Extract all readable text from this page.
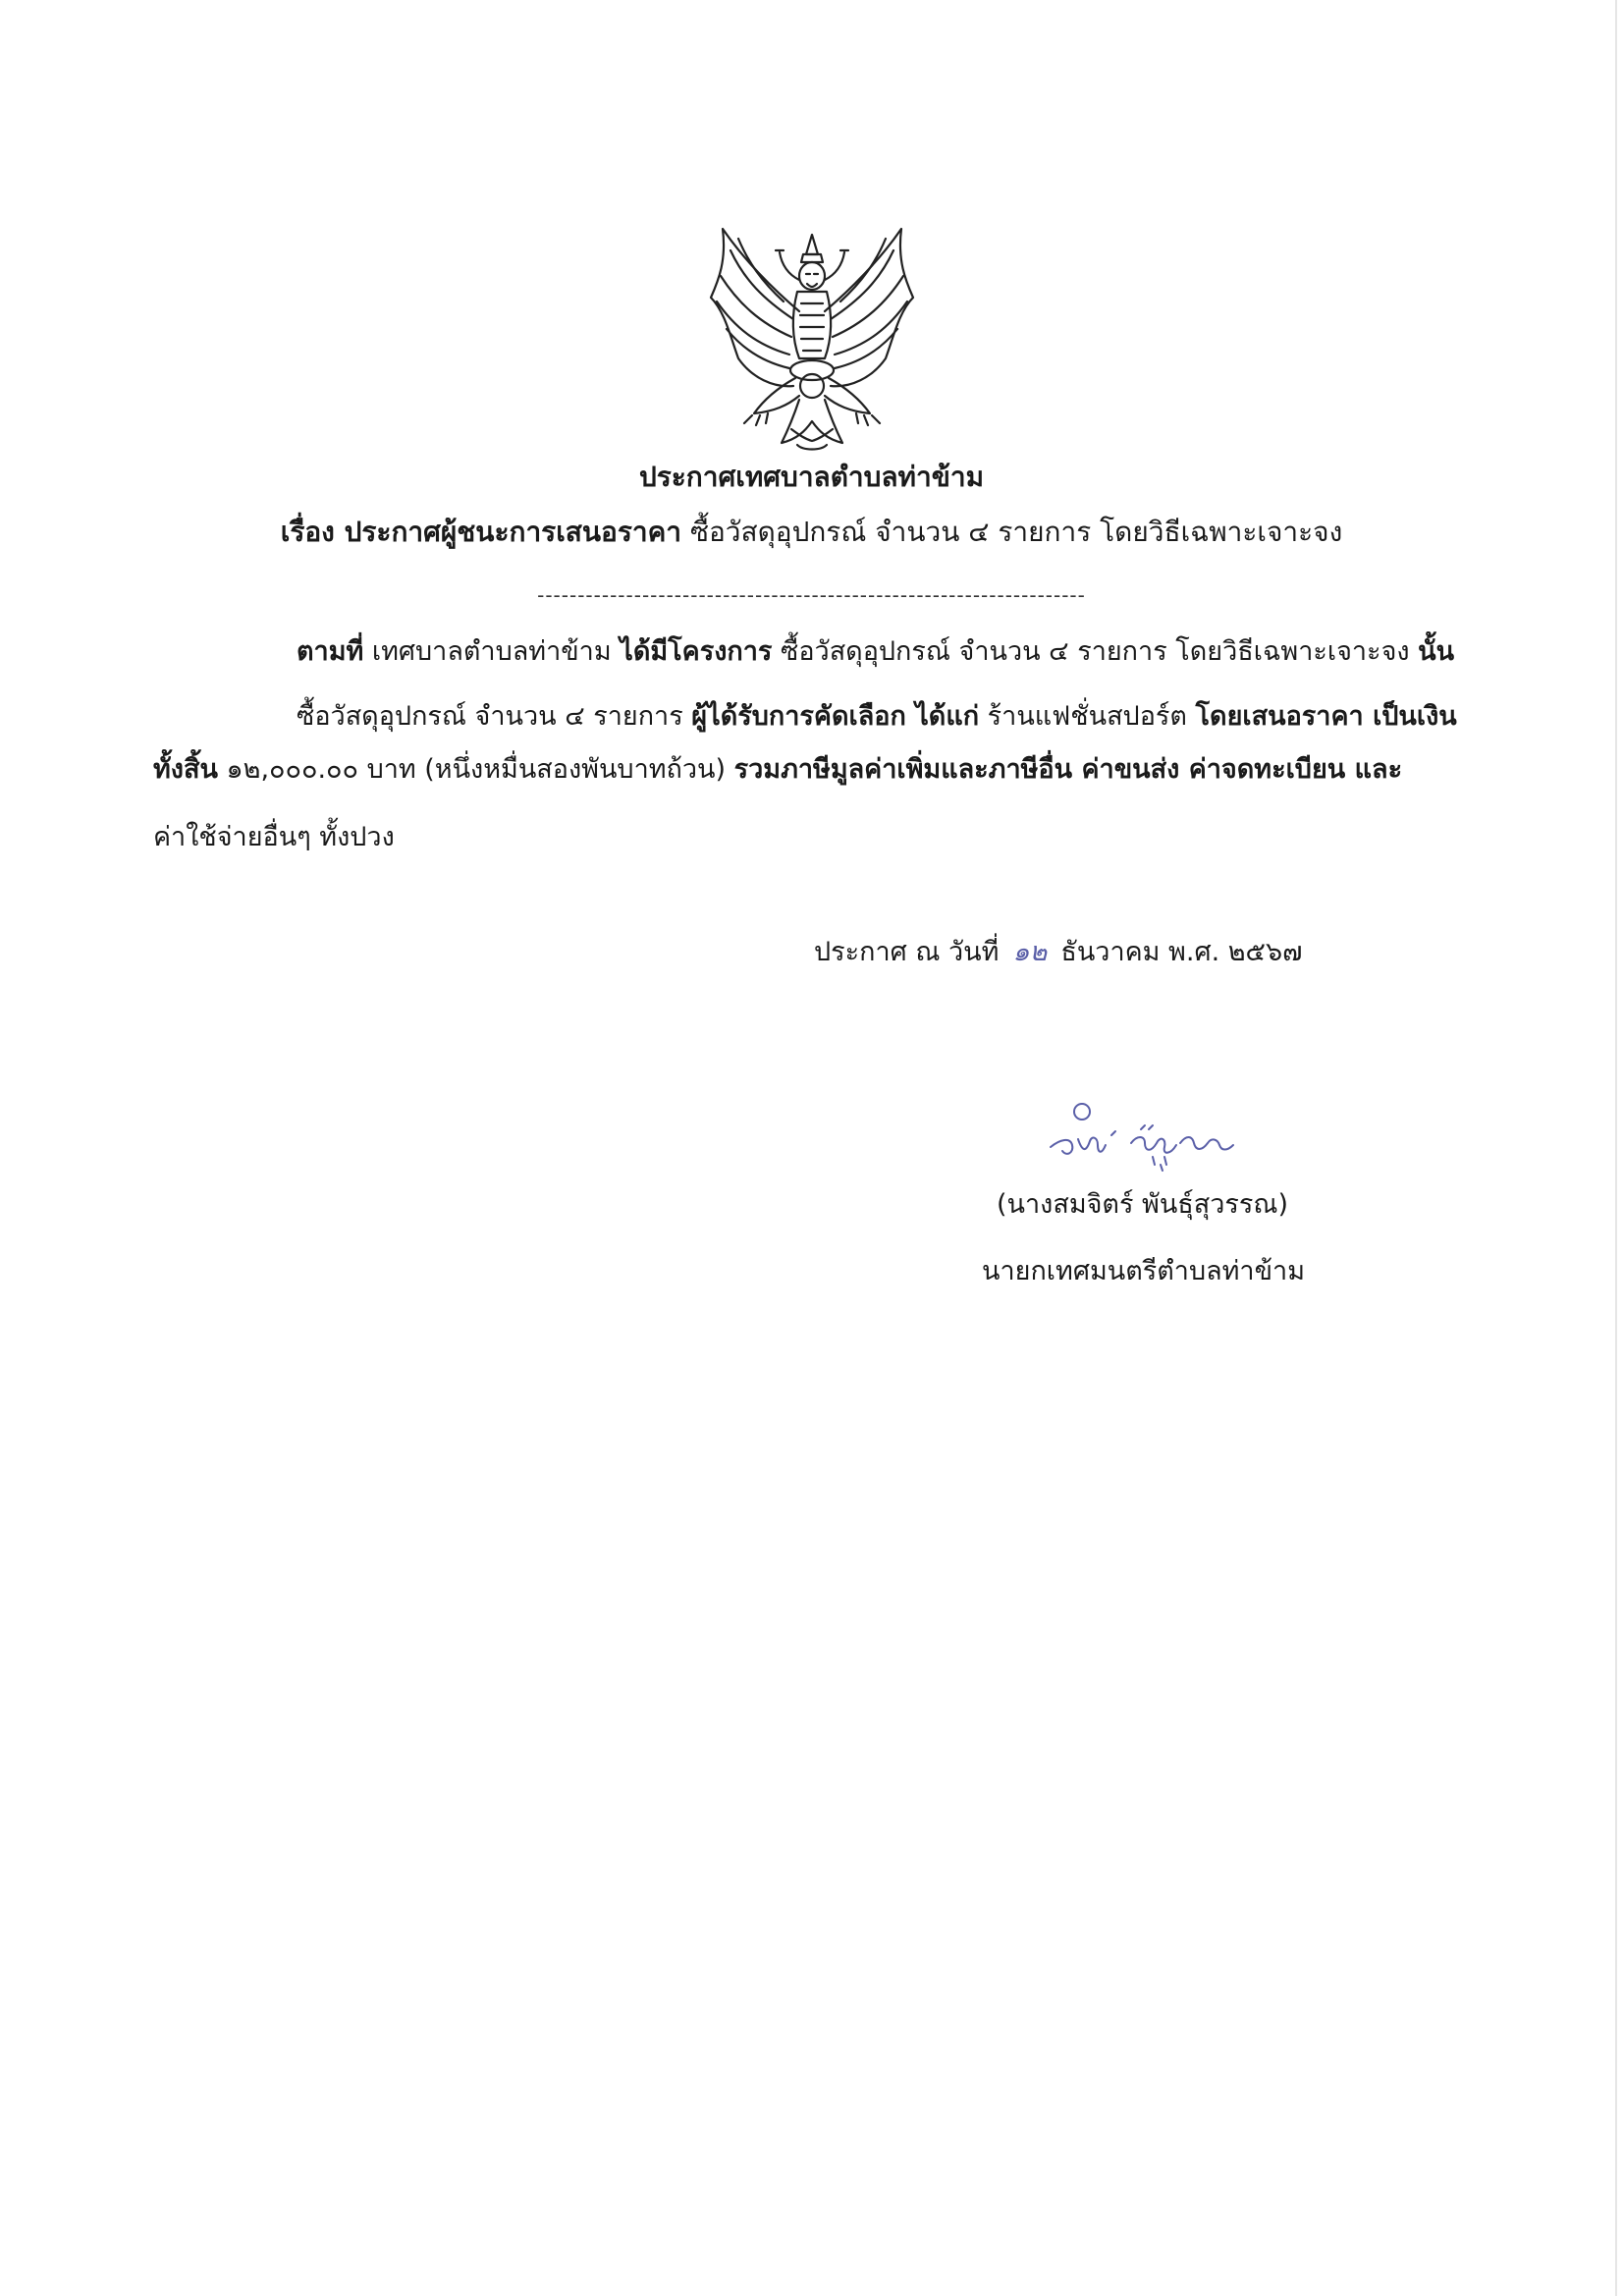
ประกาศเทศบาลตำบลท่าข้าม
เรื่อง ประกาศผู้ชนะการเสนอราคา ซื้อวัสดุอุปกรณ์ จำนวน ๔ รายการ โดยวิธีเฉพาะเจาะจง
--------------------------------------------------------------------
ตามที่ เทศบาลตำบลท่าข้าม ได้มีโครงการ ซื้อวัสดุอุปกรณ์ จำนวน ๔ รายการ โดยวิธีเฉพาะเจาะจง นั้น
ซื้อวัสดุอุปกรณ์ จำนวน ๔ รายการ ผู้ได้รับการคัดเลือก ได้แก่ ร้านแฟชั่นสปอร์ต โดยเสนอราคา เป็นเงิน
ทั้งสิ้น ๑๒,๐๐๐.๐๐ บาท (หนึ่งหมื่นสองพันบาทถ้วน) รวมภาษีมูลค่าเพิ่มและภาษีอื่น ค่าขนส่ง ค่าจดทะเบียน และ
ค่าใช้จ่ายอื่นๆ ทั้งปวง
ประกาศ ณ วันที่ ๑๒ ธันวาคม พ.ศ. ๒๕๖๗
(นางสมจิตร์ พันธุ์สุวรรณ)
นายกเทศมนตรีตำบลท่าข้าม
